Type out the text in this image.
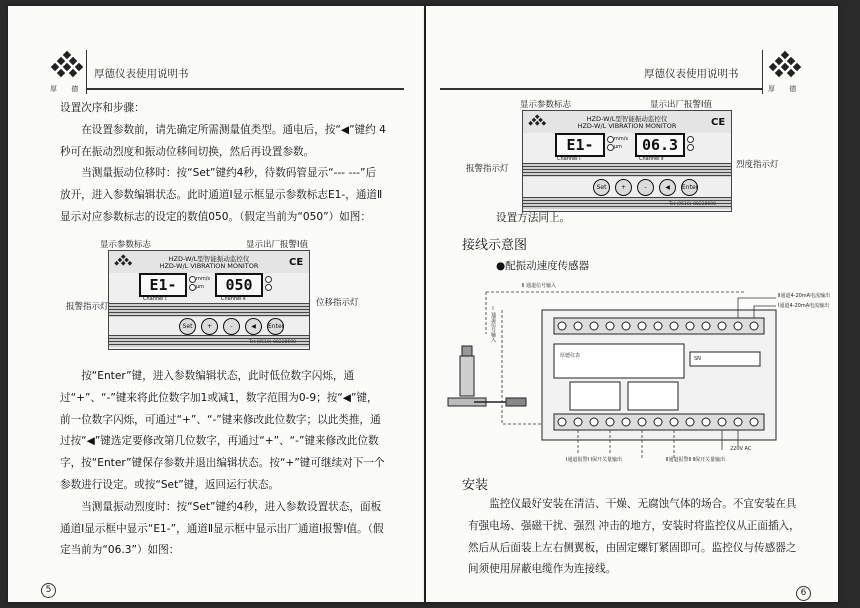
厚 德
厚德仪表使用说明书

设置次序和步骤：

在设置参数前，请先确定所需测量值类型。通电后，按“◀”键约 4 秒可在振动烈度和振动位移间切换，然后再设置参数。

当测量振动位移时：按“Set”键约4秒，待数码管显示“--- ---”后放开，进入参数编辑状态。此时通道Ⅰ显示框显示参数标志E1-，通道Ⅱ显示对应参数标志的设定的数值050。（假定当前为“050”）如图：

显示参数标志	显示出厂报警Ⅰ值
HZD-W/L型智能振动监控仪
HZD-W/L VIBRATION MONITOR	CE
E1-	mm/s
μm	050
Channel Ⅰ	Channel Ⅱ
Set	+	-	◀	Enter
Tel:(0510)-88228690
报警指示灯	位移指示灯

按“Enter”键，进入参数编辑状态，此时低位数字闪烁，通过“+”、“-”键来将此位数字加1或减1，数字范围为0-9；按“◀”键，前一位数字闪烁，可通过“+”、“-”键来修改此位数字；以此类推，通过按“◀”键选定要修改第几位数字，再通过“+”、“-”键来修改此位数字，按“Enter”键保存参数并退出编辑状态。按“+”键可继续对下一个参数进行设定。或按“Set”键，返回运行状态。

当测量振动烈度时：按“Set”键约4秒，进入参数设置状态，面板通道Ⅰ显示框中显示“E1-”，通道Ⅱ显示框中显示出厂通道Ⅰ报警Ⅰ值。（假定当前为“06.3”）如图：

5
厚德仪表使用说明书
厚 德
显示参数标志	显示出厂报警Ⅰ值
HZD-W/L型智能振动监控仪
HZD-W/L VIBRATION MONITOR	CE
E1-	mm/s
μm	06.3
Channel Ⅰ	Channel Ⅱ
Set	+	-	◀	Enter
Tel:(0510)-88228690
报警指示灯	烈度指示灯
设置方法同上。
接线示意图
●配振动速度传感器
Ⅱ 通道信号输入
Ⅰ通道信号输入
Ⅱ通道4-20mA电流输出
Ⅰ通道4-20mA电流输出
厚德仪表	SN
Ⅰ通道报警Ⅰ Ⅰ保开关量输出	Ⅱ通道报警Ⅱ Ⅱ保开关量输出
220V AC
安装
监控仪最好安装在清洁、干燥、无腐蚀气体的场合。不宜安装在具有强电场、强磁干扰、强烈 冲击的地方，安装时将监控仪从正面插入，然后从后面装上左右侧翼板，由固定螺钉紧固即可。监控仪与传感器之间须使用屏蔽电缆作为连接线。
6
